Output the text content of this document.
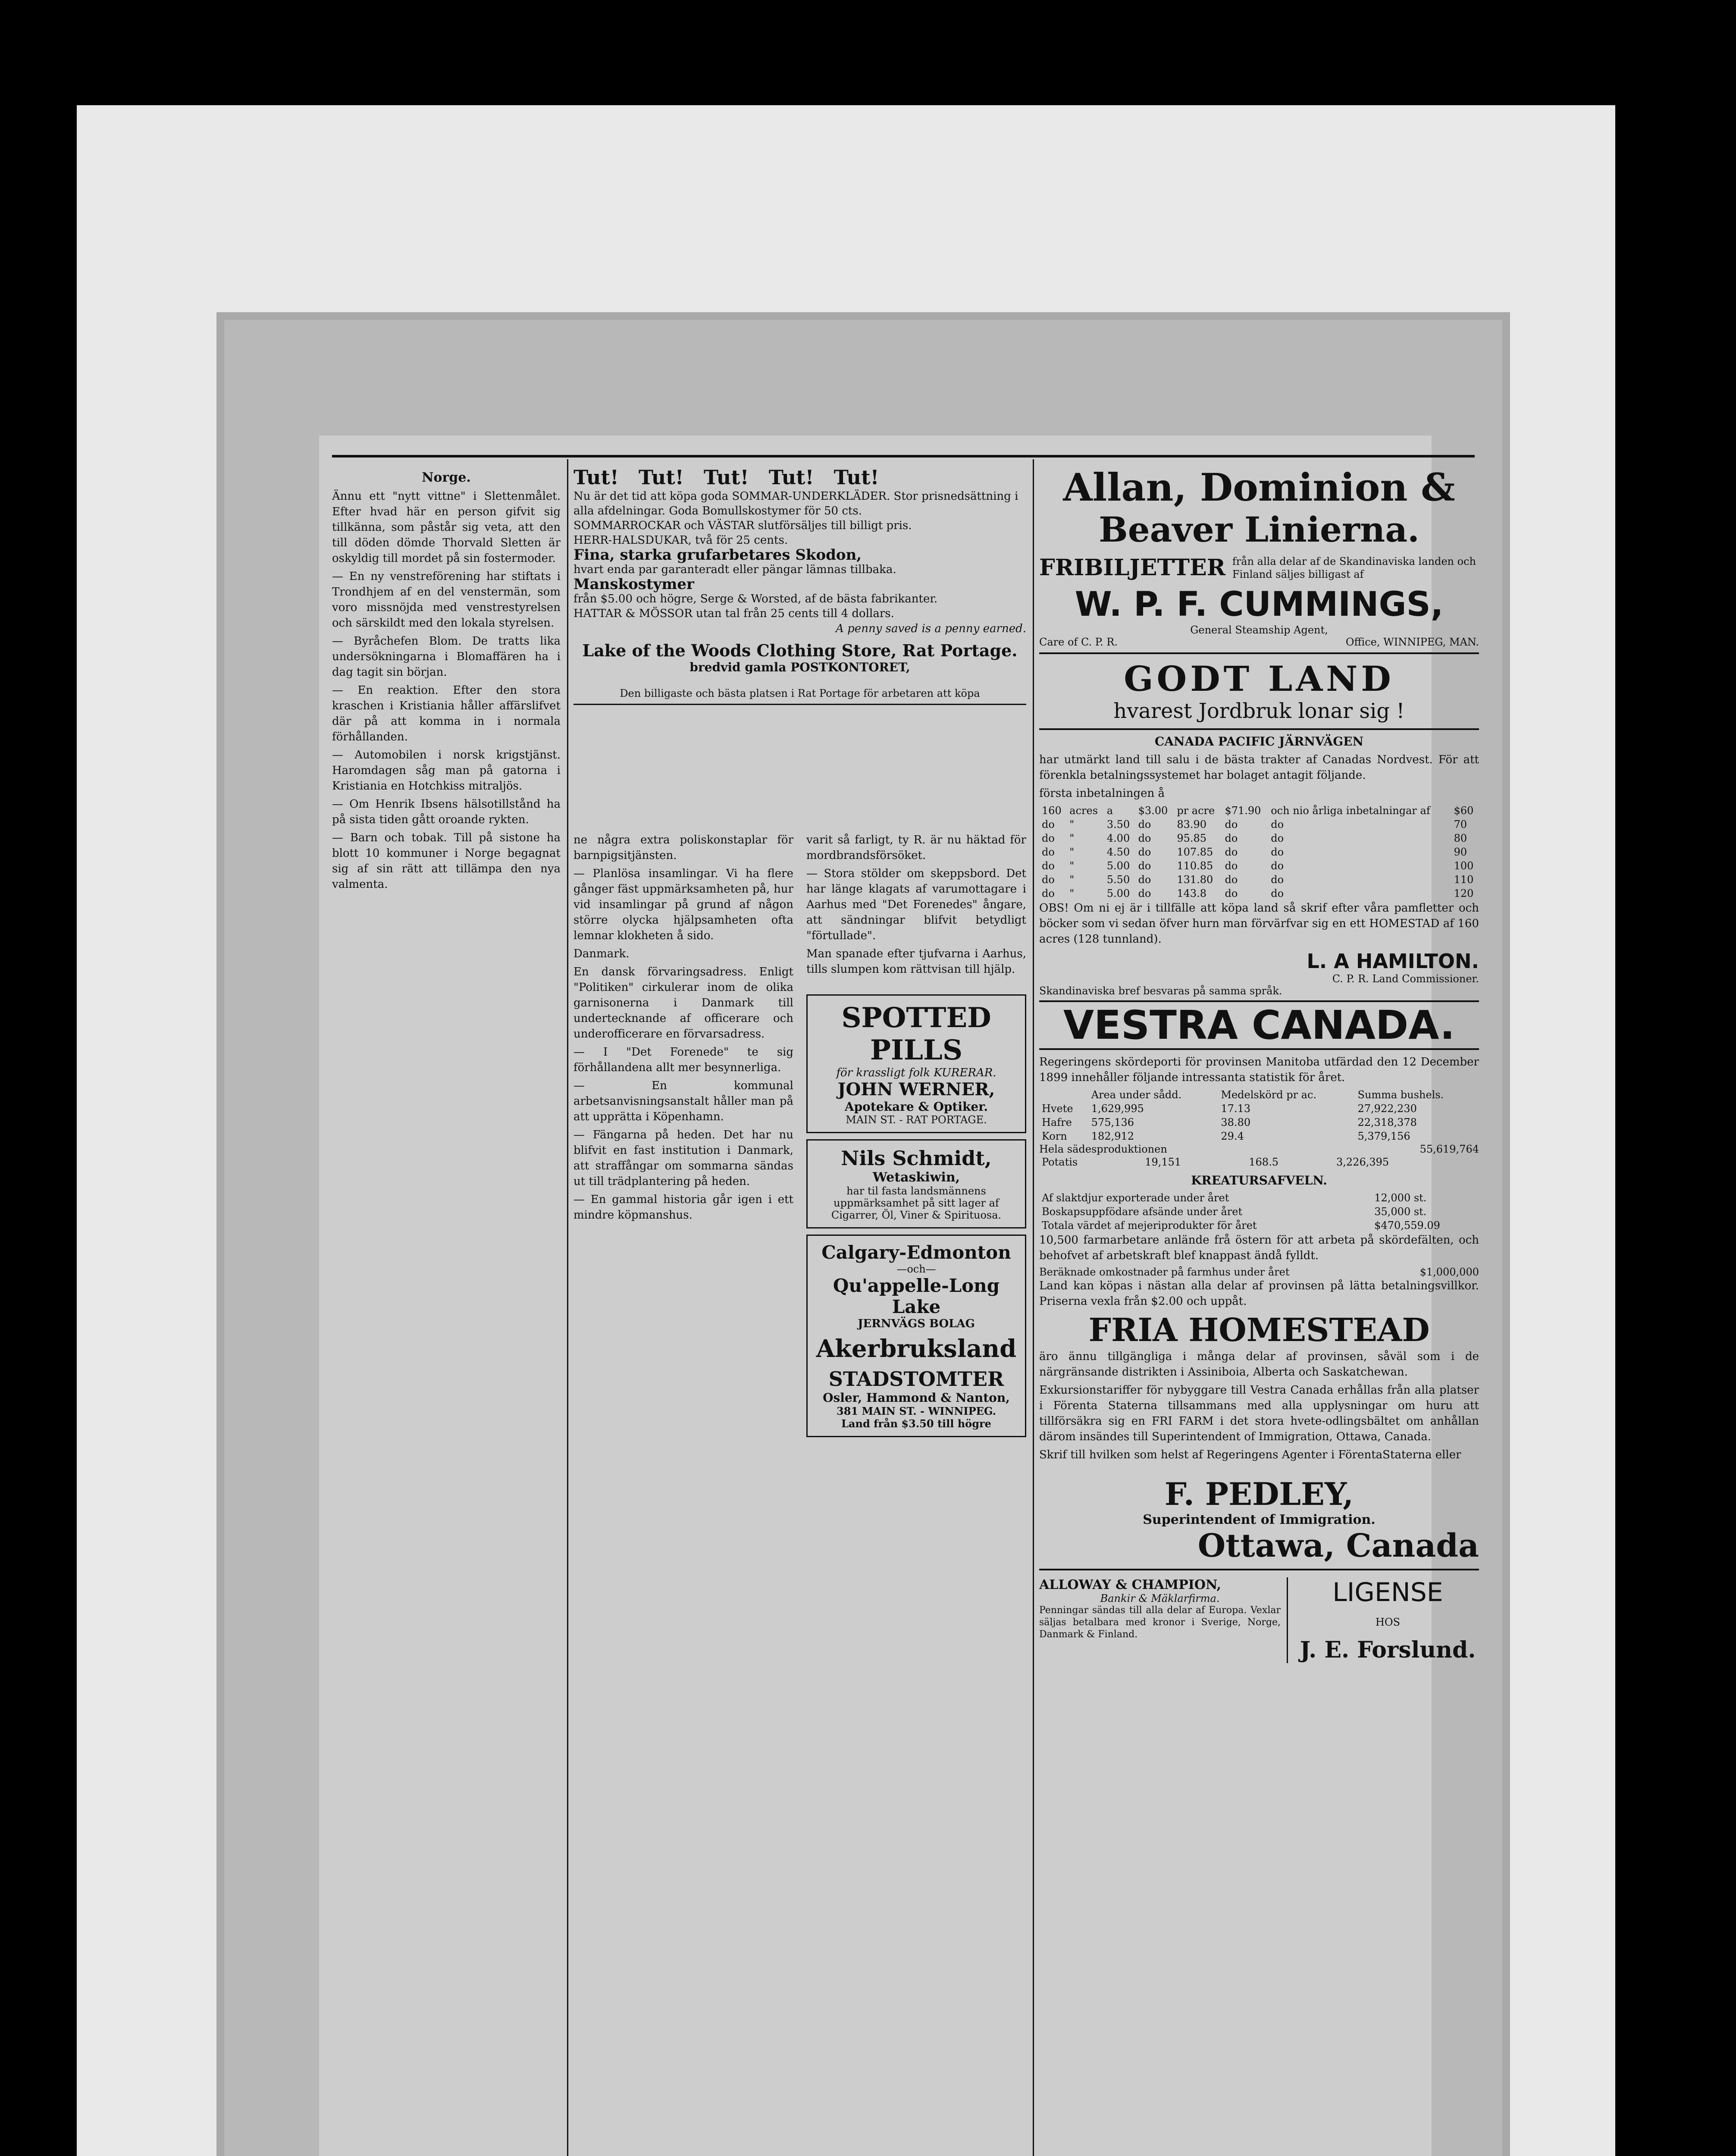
Norge.

Ännu ett "nytt vittne" i Slettenmålet. Efter hvad här en person gifvit sig tillkänna, som påstår sig veta, att den till döden dömde Thorvald Sletten är oskyldig till mordet på sin fostermoder.

— En ny venstreförening har stiftats i Trondhjem af en del venstermän, som voro missnöjda med venstrestyrelsen och särskildt med den lokala styrelsen.

— Byråchefen Blom. De tratts lika undersökningarna i Blomaffären ha i dag tagit sin början.

— En reaktion. Efter den stora kraschen i Kristiania håller affärslifvet där på att komma in i normala förhållanden.

— Automobilen i norsk krigstjänst. Haromdagen såg man på gatorna i Kristiania en Hotchkiss mitraljös.

— Om Henrik Ibsens hälsotillstånd ha på sista tiden gått oroande rykten.

— Barn och tobak. Till på sistone ha blott 10 kommuner i Norge begagnat sig af sin rätt att tillämpa den nya valmenta.

Tut! Tut! Tut! Tut! Tut!
Nu är det tid att köpa goda SOMMAR-UNDERKLÄDER. Stor prisnedsättning i alla afdelningar. Goda Bomullskostymer för 50 cts.
SOMMARROCKAR och VÄSTAR slutförsäljes till billigt pris.
HERR-HALSDUKAR, två för 25 cents.
Fina, starka grufarbetares Skodon,
hvart enda par garanteradt eller pängar lämnas tillbaka.
Manskostymer
från $5.00 och högre, Serge & Worsted, af de bästa fabrikanter.
HATTAR & MÖSSOR utan tal från 25 cents till 4 dollars.

A penny saved is a penny earned.

Lake of the Woods Clothing Store, Rat Portage.
bredvid gamla POSTKONTORET,
Den billigaste och bästa platsen i Rat Portage för arbetaren att köpa

ne några extra poliskonstaplar för barnpigsitjänsten.

— Planlösa insamlingar. Vi ha flere gånger fäst uppmärksamheten på, hur vid insamlingar på grund af någon större olycka hjälpsamheten ofta lemnar klokheten å sido.

Danmark.

En dansk förvaringsadress. Enligt "Politiken" cirkulerar inom de olika garnisonerna i Danmark till undertecknande af officerare och underofficerare en förvarsadress.

— I "Det Forenede" te sig förhållandena allt mer besynnerliga.

— En kommunal arbetsanvisningsanstalt håller man på att upprätta i Köpenhamn.

— Fängarna på heden. Det har nu blifvit en fast institution i Danmark, att straffångar om sommarna sändas ut till trädplantering på heden.

— En gammal historia går igen i ett mindre köpmanshus.

varit så farligt, ty R. är nu häktad för mordbrandsförsöket.

— Stora stölder om skeppsbord. Det har länge klagats af varumottagare i Aarhus med "Det Forenedes" ångare, att sändningar blifvit betydligt "förtullade".

Man spanade efter tjufvarna i Aarhus, tills slumpen kom rättvisan till hjälp.

SPOTTED PILLS
för krassligt folk KURERAR.
JOHN WERNER,
Apotekare & Optiker.
MAIN ST. - RAT PORTAGE.
Nils Schmidt,
Wetaskiwin,
har til fasta landsmännens uppmärksamhet på sitt lager af Cigarrer, Öl, Viner & Spirituosa.
Calgary-Edmonton
—och—
Qu'appelle-Long Lake
JERNVÄGS BOLAG
Akerbruksland
STADSTOMTER
Osler, Hammond & Nanton,
381 MAIN ST. - WINNIPEG.
Land från $3.50 till högre
Allan, Dominion &
Beaver Linierna.
FRIBILJETTER från alla delar af de Skandinaviska landen och Finland säljes billigast af
W. P. F. CUMMINGS,
General Steamship Agent,
Care of C. P. R.	Office, WINNIPEG, MAN.
GODT LAND
hvarest Jordbruk lonar sig !
CANADA PACIFIC JÄRNVÄGEN

har utmärkt land till salu i de bästa trakter af Canadas Nordvest. För att förenkla betalningssystemet har bolaget antagit följande.

första inbetalningen å

160	acres	a	$3.00	pr acre	$71.90	och nio årliga inbetalningar af	$60
do	"	3.50	do	83.90	do	do	70
do	"	4.00	do	95.85	do	do	80
do	"	4.50	do	107.85	do	do	90
do	"	5.00	do	110.85	do	do	100
do	"	5.50	do	131.80	do	do	110
do	"	5.00	do	143.8	do	do	120

OBS! Om ni ej är i tillfälle att köpa land så skrif efter våra pamfletter och böcker som vi sedan öfver hurn man förvärfvar sig en ett HOMESTAD af 160 acres (128 tunnland).

L. A HAMILTON.
C. P. R. Land Commissioner.
Skandinaviska bref besvaras på samma språk.
VESTRA CANADA.

Regeringens skördeporti för provinsen Manitoba utfärdad den 12 December 1899 innehåller följande intressanta statistik för året.

	Area under sådd.	Medelskörd pr ac.	Summa bushels.
Hvete	1,629,995	17.13	27,922,230
Hafre	575,136	38.80	22,318,378
Korn	182,912	29.4	5,379,156
Hela sädesproduktionen	55,619,764
Potatis	19,151	168.5	3,226,395
KREATURSAFVELN.
Af slaktdjur exporterade under året	12,000 st.
Boskapsuppfödare afsände under året	35,000 st.
Totala värdet af mejeriprodukter för året	$470,559.09

10,500 farmarbetare anlände frå östern för att arbeta på skördefälten, och behofvet af arbetskraft blef knappast ändå fylldt.

Beräknade omkostnader på farmhus under året	$1,000,000

Land kan köpas i nästan alla delar af provinsen på lätta betalningsvillkor. Priserna vexla från $2.00 och uppåt.

FRIA HOMESTEAD

äro ännu tillgängliga i många delar af provinsen, såväl som i de närgränsande distrikten i Assiniboia, Alberta och Saskatchewan.

Exkursionstariffer för nybyggare till Vestra Canada erhållas från alla platser i Förenta Staterna tillsammans med alla upplysningar om huru att tillförsäkra sig en FRI FARM i det stora hvete-odlingsbältet om anhållan därom insändes till Superintendent of Immigration, Ottawa, Canada.

Skrif till hvilken som helst af Regeringens Agenter i FörentaStaterna eller

F. PEDLEY,
Superintendent of Immigration.
Ottawa, Canada
ALLOWAY & CHAMPION,
Bankir & Mäklarfirma.

Penningar sändas till alla delar af Europa. Vexlar säljas betalbara med kronor i Sverige, Norge, Danmark & Finland.

LIGENSE
HOS
J. E. Forslund.
